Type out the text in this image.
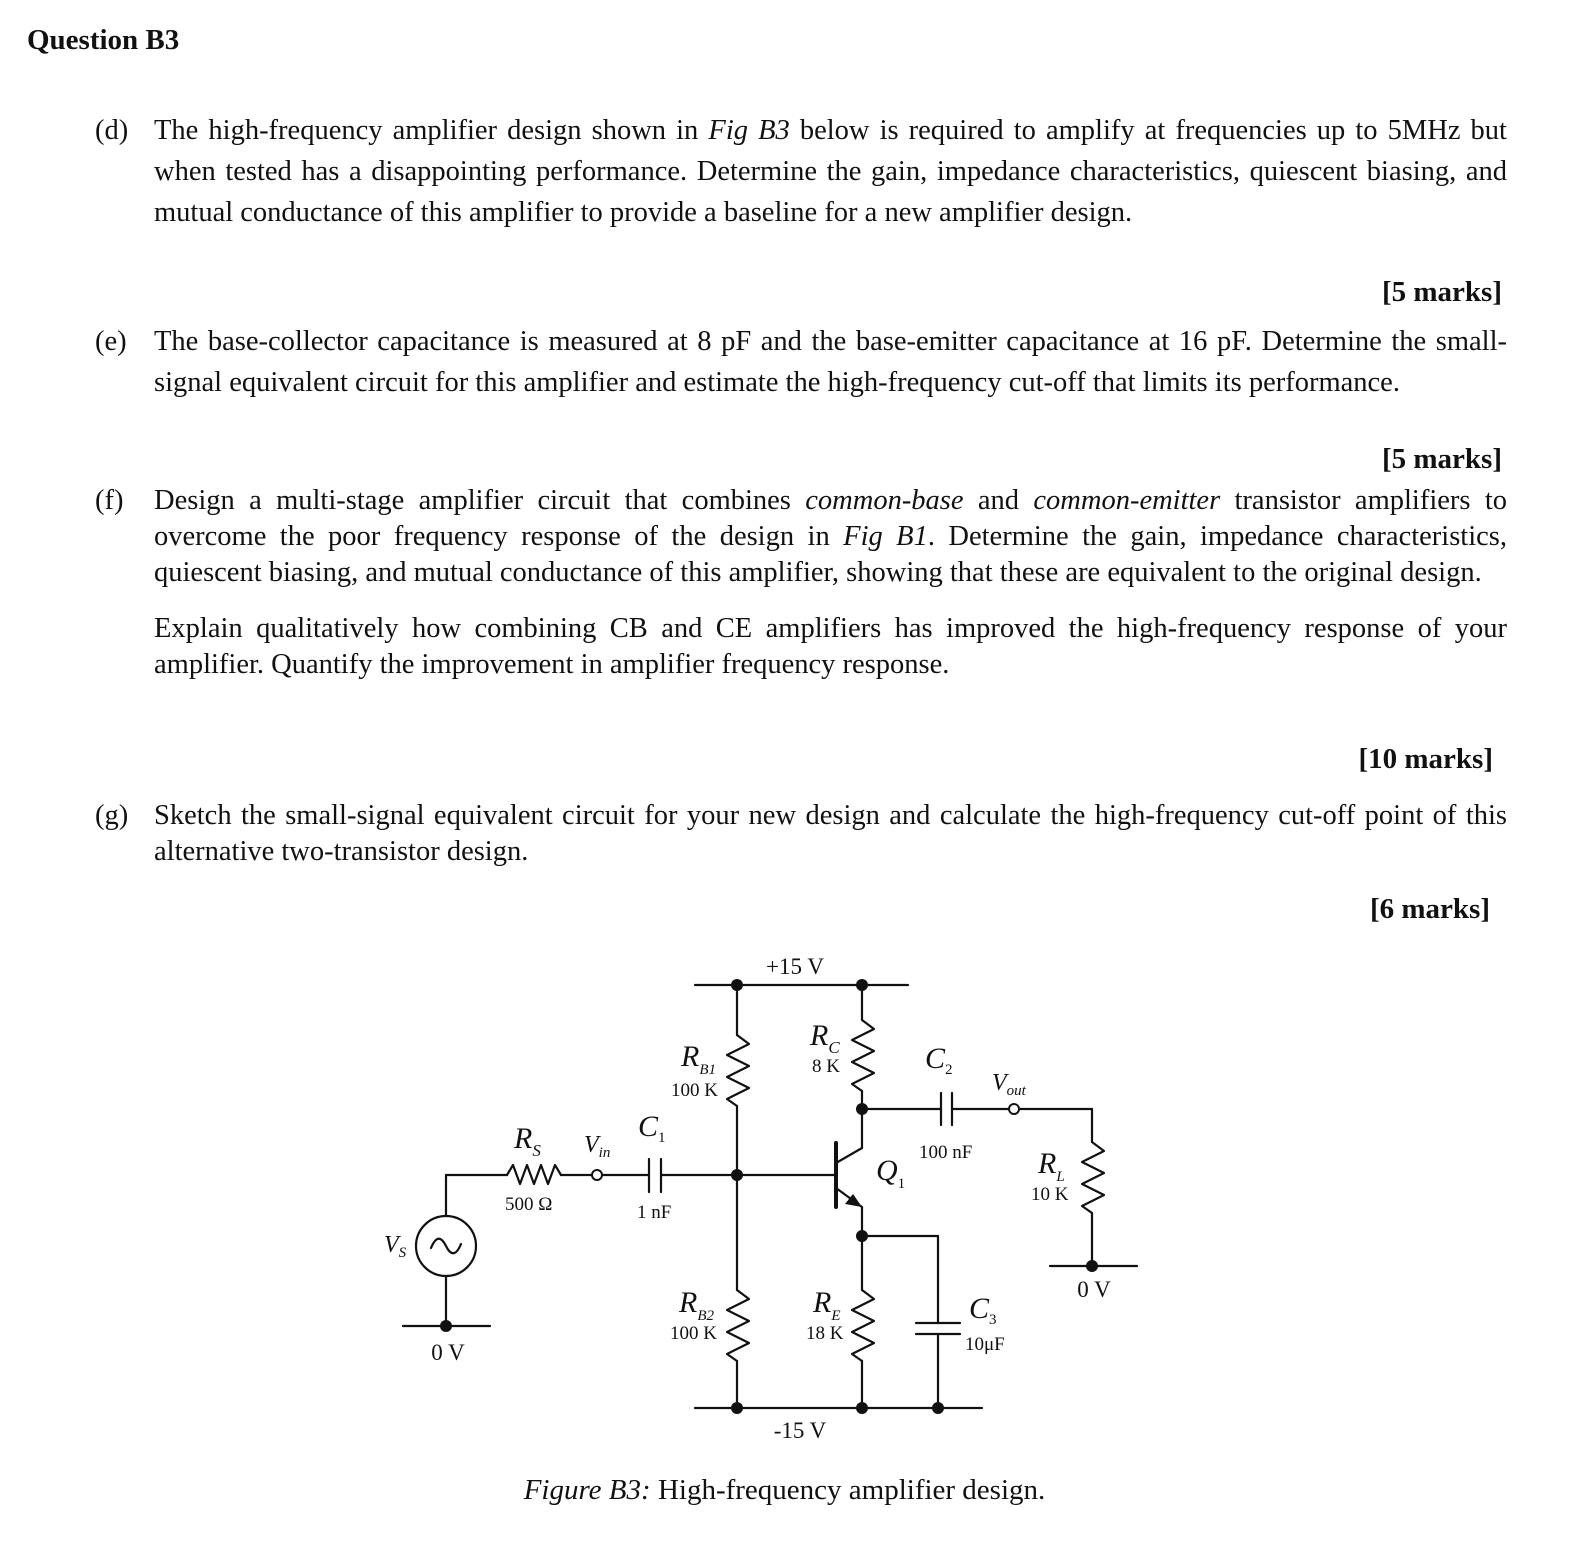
Question B3
(d) The high-frequency amplifier design shown in Fig B3 below is required to amplify at frequencies up to 5MHz but when tested has a disappointing performance. Determine the gain, impedance characteristics, quiescent biasing, and mutual conductance of this amplifier to provide a baseline for a new amplifier design.
[5 marks]
(e) The base-collector capacitance is measured at 8 pF and the base-emitter capacitance at 16 pF. Determine the small-signal equivalent circuit for this amplifier and estimate the high-frequency cut-off that limits its performance.
[5 marks]
(f) Design a multi-stage amplifier circuit that combines common-base and common-emitter transistor amplifiers to overcome the poor frequency response of the design in Fig B1. Determine the gain, impedance characteristics, quiescent biasing, and mutual conductance of this amplifier, showing that these are equivalent to the original design.

Explain qualitatively how combining CB and CE amplifiers has improved the high-frequency response of your amplifier. Quantify the improvement in amplifier frequency response.

[10 marks]
(g) Sketch the small-signal equivalent circuit for your new design and calculate the high-frequency cut-off point of this alternative two-transistor design.
[6 marks]
+15 V
-15 V
$R_C$
8 K
$R_{B1}$
100 K
$R_{B2}$
100 K
$R_E$
18 K
$R_S$
500 Ω
$R_L$
10 K
$C_1$
1 nF
$C_2$
100 nF
$C_3$
10μF
$Q_1$
$V_{in}$
$V_{out}$
$V_S$
0 V
0 V
Figure B3: High-frequency amplifier design.
